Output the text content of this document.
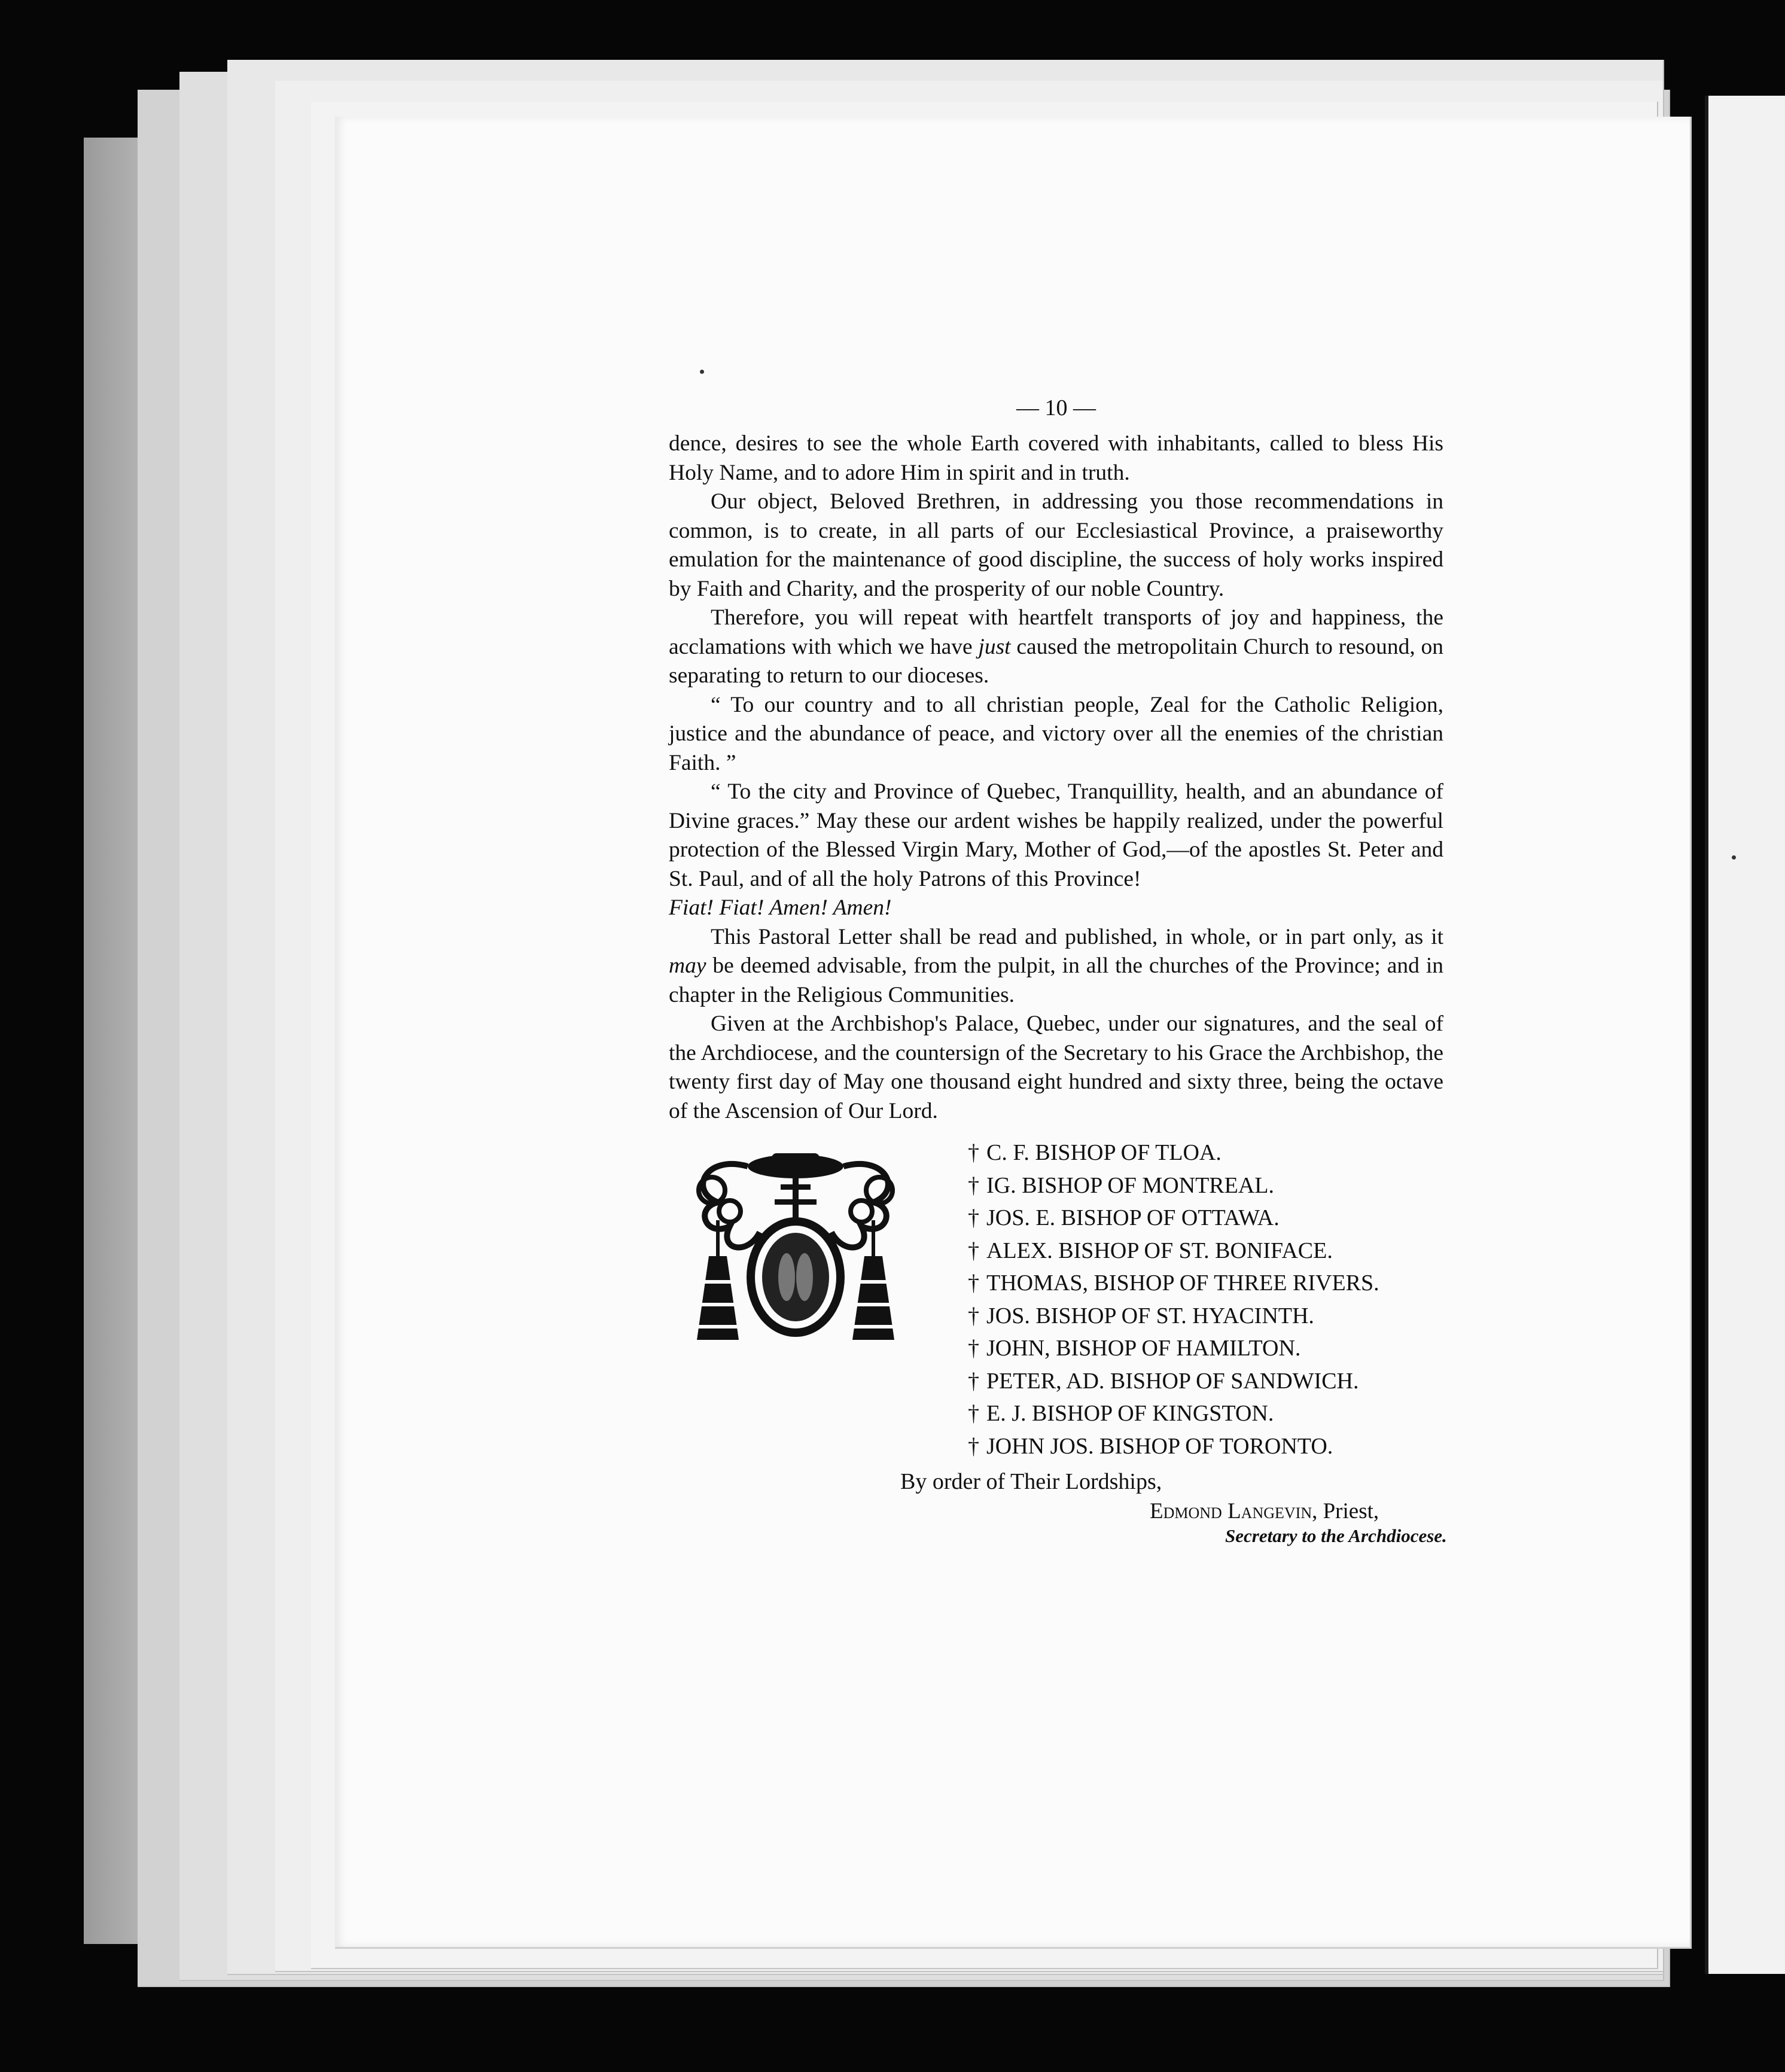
— 10 —

dence, desires to see the whole Earth covered with inhabitants, called to bless His Holy Name, and to adore Him in spirit and in truth.

Our object, Beloved Brethren, in addressing you those recommendations in common, is to create, in all parts of our Ecclesiastical Province, a praiseworthy emulation for the maintenance of good discipline, the success of holy works inspired by Faith and Charity, and the prosperity of our noble Country.

Therefore, you will repeat with heartfelt transports of joy and happiness, the acclamations with which we have just caused the metropolitain Church to resound, on separating to return to our dioceses.

“ To our country and to all christian people, Zeal for the Catholic Religion, justice and the abundance of peace, and victory over all the enemies of the christian Faith. ”

“ To the city and Province of Quebec, Tranquillity, health, and an abundance of Divine graces.” May these our ardent wishes be happily realized, under the powerful protection of the Blessed Virgin Mary, Mother of God,—of the apostles St. Peter and St. Paul, and of all the holy Patrons of this Province!

Fiat! Fiat! Amen! Amen!

This Pastoral Letter shall be read and published, in whole, or in part only, as it may be deemed advisable, from the pulpit, in all the churches of the Province; and in chapter in the Religious Communities.

Given at the Archbishop's Palace, Quebec, under our signatures, and the seal of the Archdiocese, and the countersign of the Secretary to his Grace the Archbishop, the twenty first day of May one thousand eight hundred and sixty three, being the octave of the Ascension of Our Lord.

† C. F. BISHOP OF TLOA.
† IG. BISHOP OF MONTREAL.
† JOS. E. BISHOP OF OTTAWA.
† ALEX. BISHOP OF ST. BONIFACE.
† THOMAS, BISHOP OF THREE RIVERS.
† JOS. BISHOP OF ST. HYACINTH.
† JOHN, BISHOP OF HAMILTON.
† PETER, AD. BISHOP OF SANDWICH.
† E. J. BISHOP OF KINGSTON.
† JOHN JOS. BISHOP OF TORONTO.
By order of Their Lordships,
Edmond Langevin, Priest,
Secretary to the Archdiocese.
